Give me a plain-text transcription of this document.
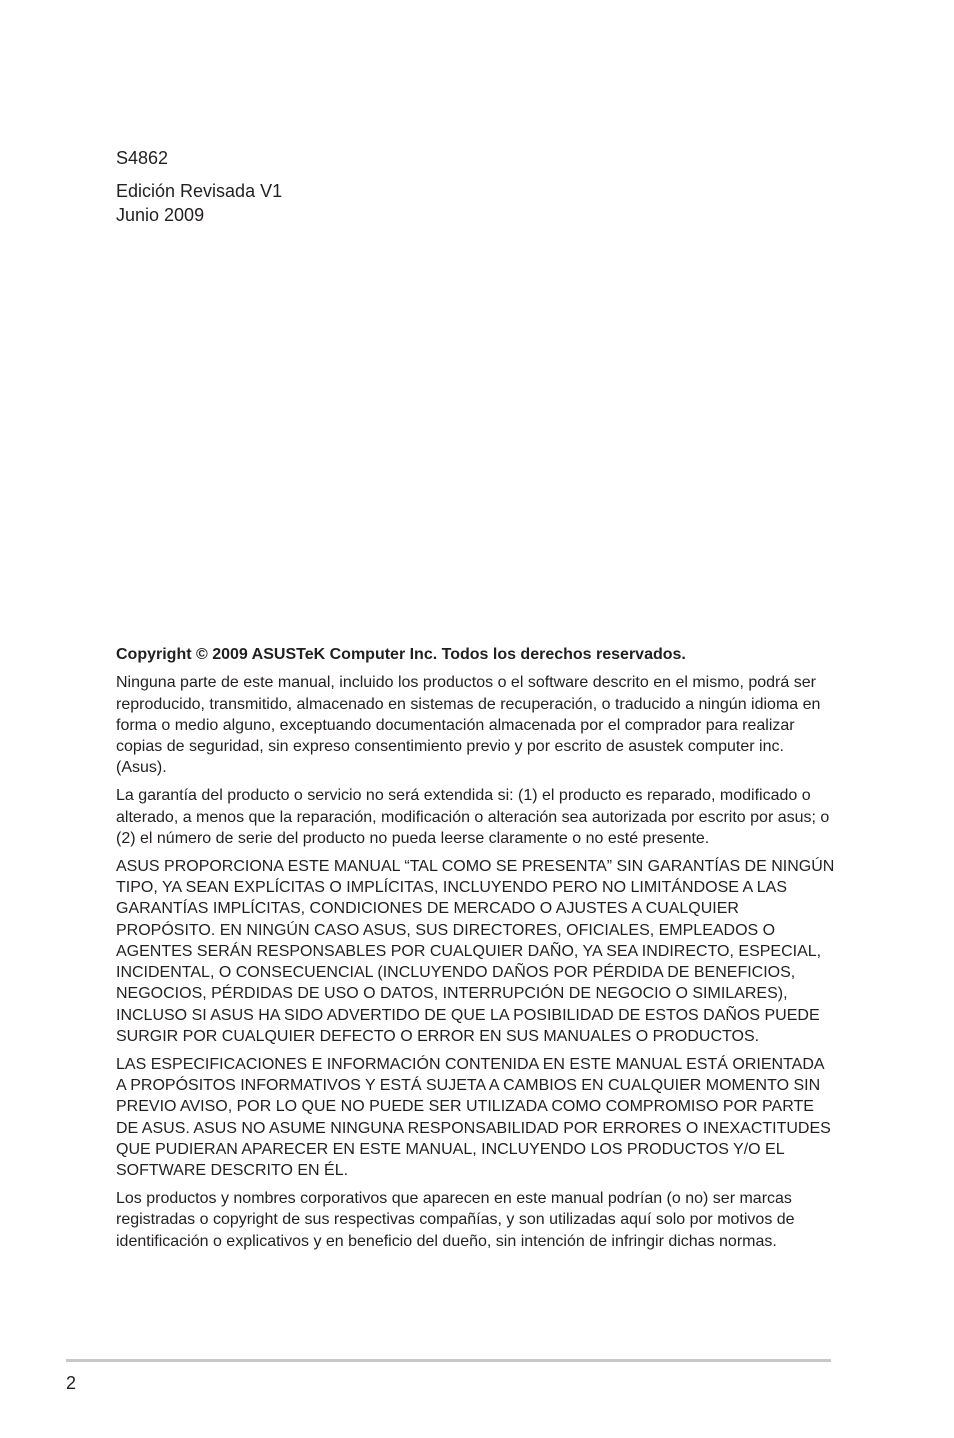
S4862

Edición Revisada V1

Junio 2009

Copyright © 2009 ASUSTeK Computer Inc. Todos los derechos reservados.

Ninguna parte de este manual, incluido los productos o el software descrito en el mismo, podrá ser reproducido, transmitido, almacenado en sistemas de recuperación, o traducido a ningún idioma en forma o medio alguno, exceptuando documentación almacenada por el comprador para realizar copias de seguridad, sin expreso consentimiento previo y por escrito de asustek computer inc. (Asus).

La garantía del producto o servicio no será extendida si: (1) el producto es reparado, modificado o alterado, a menos que la reparación, modificación o alteración sea autorizada por escrito por asus; o (2) el número de serie del producto no pueda leerse claramente o no esté presente.

ASUS PROPORCIONA ESTE MANUAL “TAL COMO SE PRESENTA” SIN GARANTÍAS DE NINGÚN TIPO, YA SEAN EXPLÍCITAS O IMPLÍCITAS, INCLUYENDO PERO NO LIMITÁNDOSE A LAS GARANTÍAS IMPLÍCITAS, CONDICIONES DE MERCADO O AJUSTES A CUALQUIER PROPÓSITO. EN NINGÚN CASO ASUS, SUS DIRECTORES, OFICIALES, EMPLEADOS O AGENTES SERÁN RESPONSABLES POR CUALQUIER DAÑO, YA SEA INDIRECTO, ESPECIAL, INCIDENTAL, O CONSECUENCIAL (INCLUYENDO DAÑOS POR PÉRDIDA DE BENEFICIOS, NEGOCIOS, PÉRDIDAS DE USO O DATOS, INTERRUPCIÓN DE NEGOCIO O SIMILARES), INCLUSO SI ASUS HA SIDO ADVERTIDO DE QUE LA POSIBILIDAD DE ESTOS DAÑOS PUEDE SURGIR POR CUALQUIER DEFECTO O ERROR EN SUS MANUALES O PRODUCTOS.

LAS ESPECIFICACIONES E INFORMACIÓN CONTENIDA EN ESTE MANUAL ESTÁ ORIENTADA A PROPÓSITOS INFORMATIVOS Y ESTÁ SUJETA A CAMBIOS EN CUALQUIER MOMENTO SIN PREVIO AVISO, POR LO QUE NO PUEDE SER UTILIZADA COMO COMPROMISO POR PARTE DE ASUS. ASUS NO ASUME NINGUNA RESPONSABILIDAD POR ERRORES O INEXACTITUDES QUE PUDIERAN APARECER EN ESTE MANUAL, INCLUYENDO LOS PRODUCTOS Y/O EL SOFTWARE DESCRITO EN ÉL.

Los productos y nombres corporativos que aparecen en este manual podrían (o no) ser marcas registradas o copyright de sus respectivas compañías, y son utilizadas aquí solo por motivos de identificación o explicativos y en beneficio del dueño, sin intención de infringir dichas normas.

2
